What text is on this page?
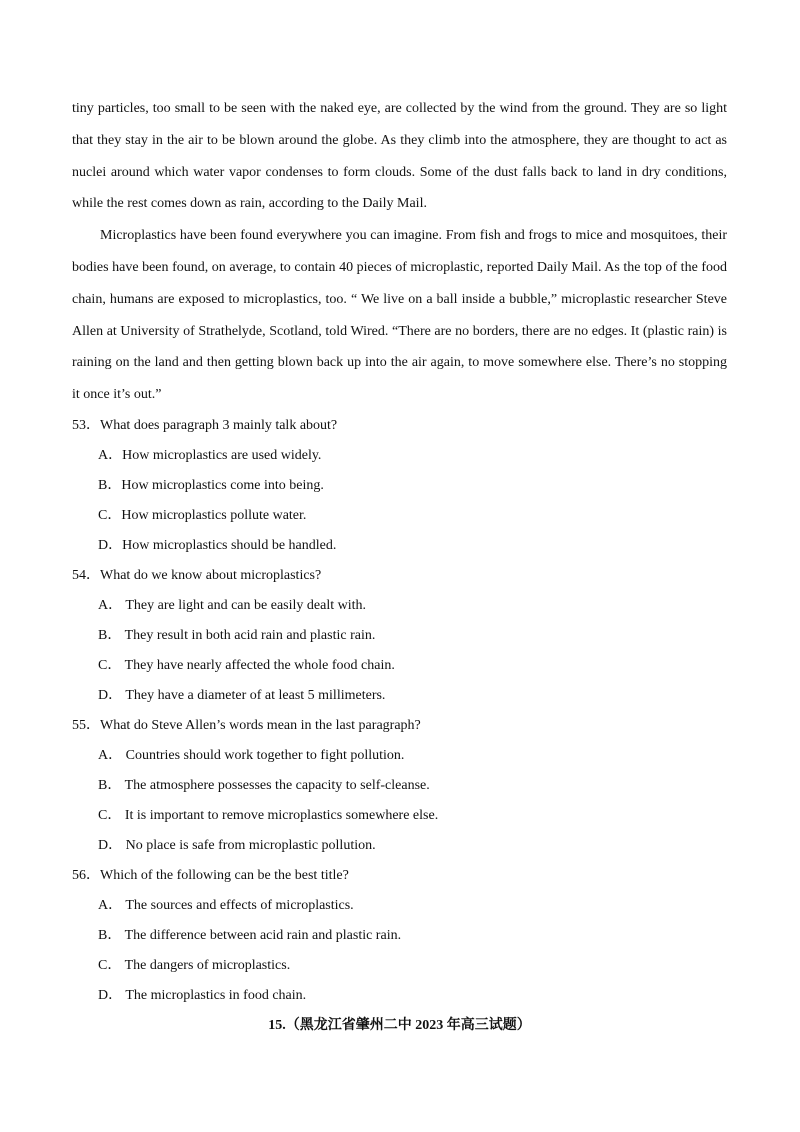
tiny particles, too small to be seen with the naked eye, are collected by the wind from the ground. They are so light that they stay in the air to be blown around the globe. As they climb into the atmosphere, they are thought to act as nuclei around which water vapor condenses to form clouds. Some of the dust falls back to land in dry conditions, while the rest comes down as rain, according to the Daily Mail.

Microplastics have been found everywhere you can imagine. From fish and frogs to mice and mosquitoes, their bodies have been found, on average, to contain 40 pieces of microplastic, reported Daily Mail. As the top of the food chain, humans are exposed to microplastics, too. “ We live on a ball inside a bubble,” microplastic researcher Steve Allen at University of Strathelyde, Scotland, told Wired. “There are no borders, there are no edges. It (plastic rain) is raining on the land and then getting blown back up into the air again, to move somewhere else. There’s no stopping it once it’s out.”

53．What does paragraph 3 mainly talk about?

A．How microplastics are used widely.

B．How microplastics come into being.

C．How microplastics pollute water.

D．How microplastics should be handled.

54．What do we know about microplastics?

A． They are light and can be easily dealt with.

B． They result in both acid rain and plastic rain.

C． They have nearly affected the whole food chain.

D． They have a diameter of at least 5 millimeters.

55．What do Steve Allen’s words mean in the last paragraph?

A． Countries should work together to fight pollution.

B． The atmosphere possesses the capacity to self-cleanse.

C． It is important to remove microplastics somewhere else.

D． No place is safe from microplastic pollution.

56．Which of the following can be the best title?

A． The sources and effects of microplastics.

B． The difference between acid rain and plastic rain.

C． The dangers of microplastics.

D． The microplastics in food chain.

15.（黑龙江省肇州二中 2023 年高三试题）
